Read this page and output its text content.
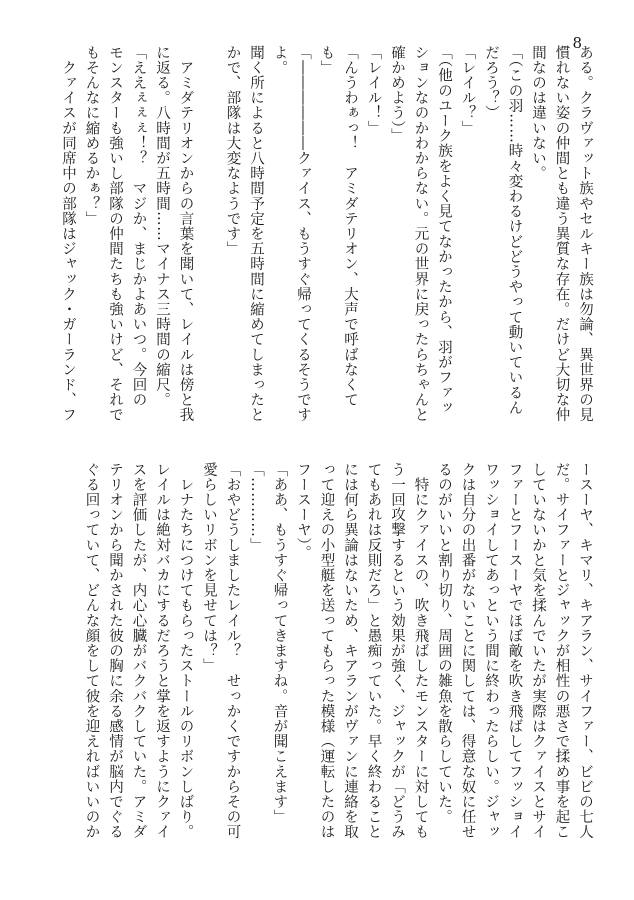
8

ある。クラヴァット族やセルキー族は勿論、異世界の見

慣れない姿の仲間とも違う異質な存在。だけど大切な仲

間なのは違いない。

「（この羽……時々変わるけどどうやって動いているん

だろう？）

「レイル？」

「（他のユーク族をよく見てなかったから、羽がファッ

ションなのかわからない。元の世界に戻ったらちゃんと

確かめよう）」

「レイル！」

「んうわぁっ！　アミダテリオン、大声で呼ばなくて

も」

「――――――クァイス、もうすぐ帰ってくるそうですよ。

聞く所によると八時間予定を五時間に縮めてしまったと

かで、部隊は大変なようです」

　アミダテリオンからの言葉を聞いて、レイルは傍と我

に返る。八時間が五時間……マイナス三時間の縮尺。

「ええぇぇぇ！？　マジか、まじかよあいつ。今回の

モンスターも強いし部隊の仲間たちも強いけど、それで

もそんなに縮めるかぁ？」

　クァイスが同席中の部隊はジャック・ガーランド、フ

ースーヤ、キマリ、キアラン、サイファー、ビビの七人

だ。サイファーとジャックが相性の悪さで揉め事を起こ

していないかと気を揉んでいたが実際はクァイスとサイ

ファーとフースーヤでほぼ敵を吹き飛ばしてフッショイ

ワッショイしてあっという間に終わったらしい。ジャッ

クは自分の出番がないことに関しては、得意な奴に任せ

るのがいいと割り切り、周囲の雑魚を散らしていた。

　特にクァイスの、吹き飛ばしたモンスターに対しても

う一回攻撃するという効果が強く、ジャックが「どうみ

てもあれは反則だろ」と愚痴っていた。早く終わること

には何ら異論はないため、キアランがヴァンに連絡を取

って迎えの小型艇を送ってもらった模様（運転したのは

フースーヤ）。

「ああ、もうすぐ帰ってきますね。音が聞こえます」

「…………」

「おやどうしましたレイル？　せっかくですからその可

愛らしいリボンを見せては？」

　レナたちにつけてもらったストールのリボンしばり。

レイルは絶対バカにするだろうと掌を返すようにクァイ

スを評価したが、内心心臓がバクバクしていた。アミダ

テリオンから聞かされた彼の胸に余る感情が脳内でぐる

ぐる回っていて、どんな顔をして彼を迎えればいいのか
